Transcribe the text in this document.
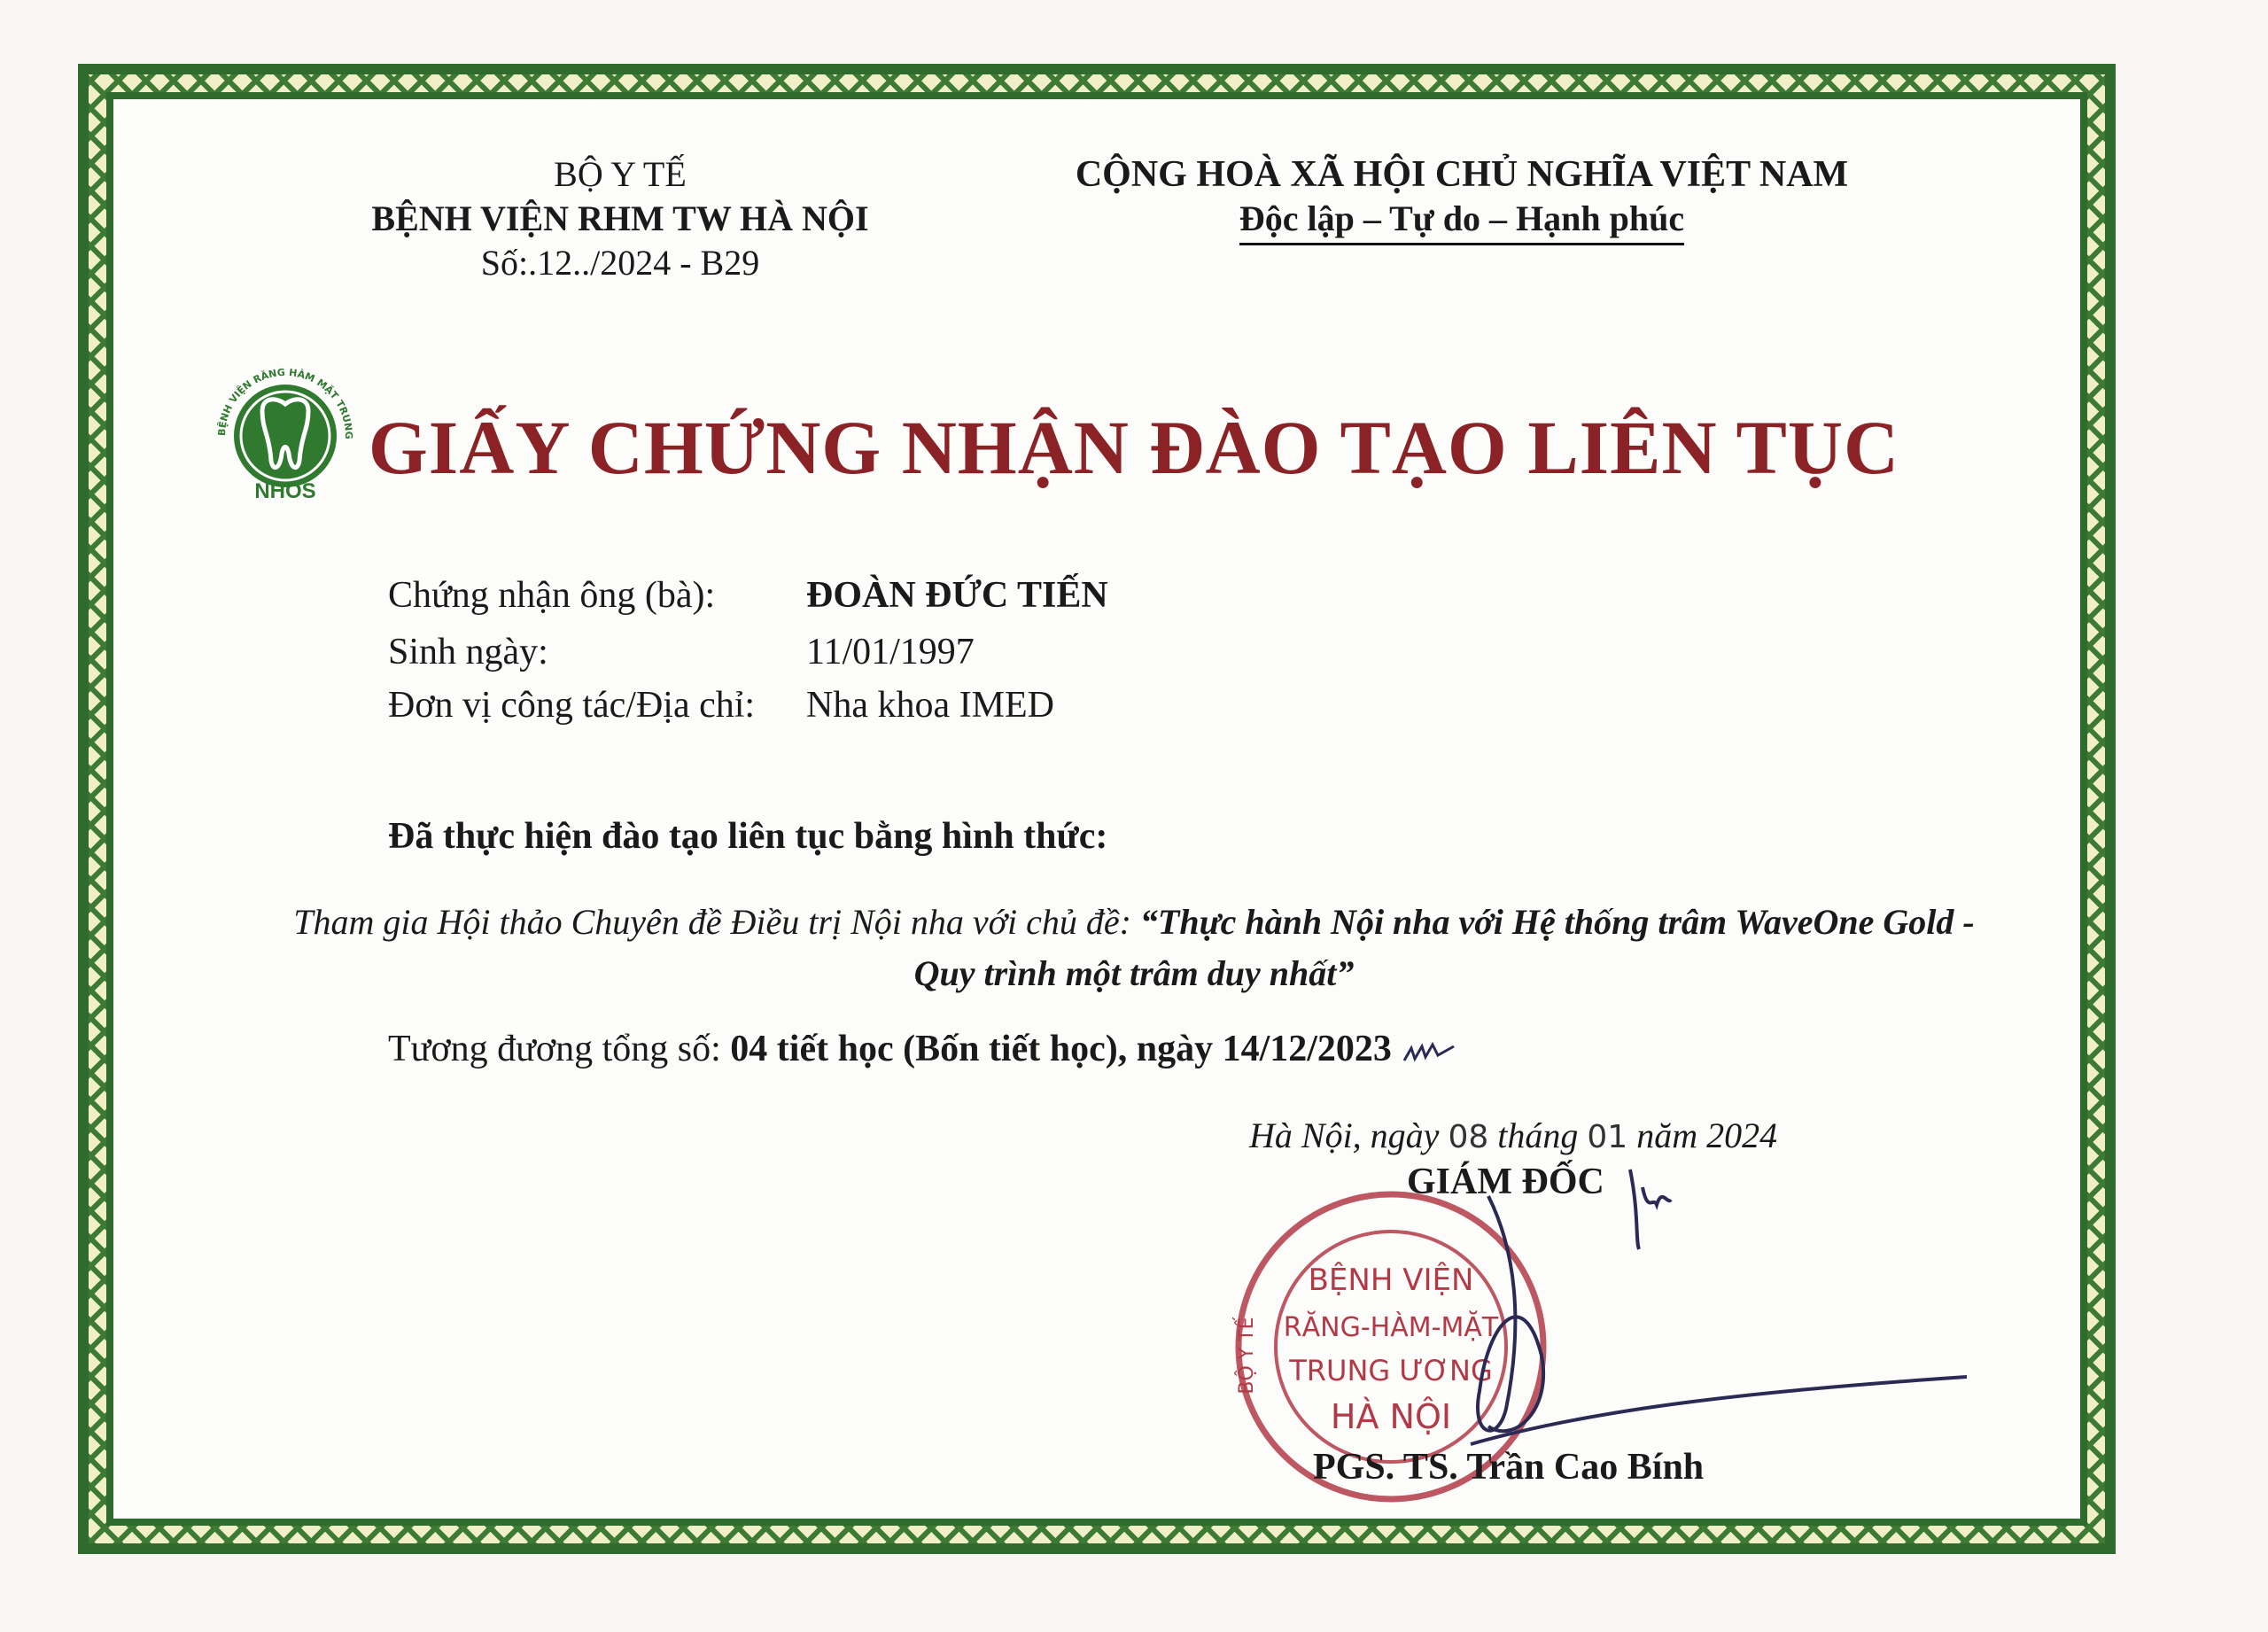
BỘ Y TẾ
BỆNH VIỆN RHM TW HÀ NỘI
Số:.12../2024 - B29
CỘNG HOÀ XÃ HỘI CHỦ NGHĨA VIỆT NAM
Độc lập – Tự do – Hạnh phúc
BỆNH VIỆN RĂNG HÀM MẶT TRUNG
NHOS
GIẤY CHỨNG NHẬN ĐÀO TẠO LIÊN TỤC
Chứng nhận ông (bà): ĐOÀN ĐỨC TIẾN
Sinh ngày:	11/01/1997
Đơn vị công tác/Địa chỉ: Nha khoa IMED
Đã thực hiện đào tạo liên tục bằng hình thức:
Tham gia Hội thảo Chuyên đề Điều trị Nội nha với chủ đề: “Thực hành Nội nha với Hệ thống trâm WaveOne Gold - Quy trình một trâm duy nhất”
Tương đương tổng số: 04 tiết học (Bốn tiết học), ngày 14/12/2023
Hà Nội, ngày 08 tháng 01 năm 2024
BỆNH VIỆN
RĂNG-HÀM-MẶT
TRUNG ƯƠNG
HÀ NỘI
BỘ Y TẾ
GIÁM ĐỐC
PGS. TS. Trần Cao Bính
